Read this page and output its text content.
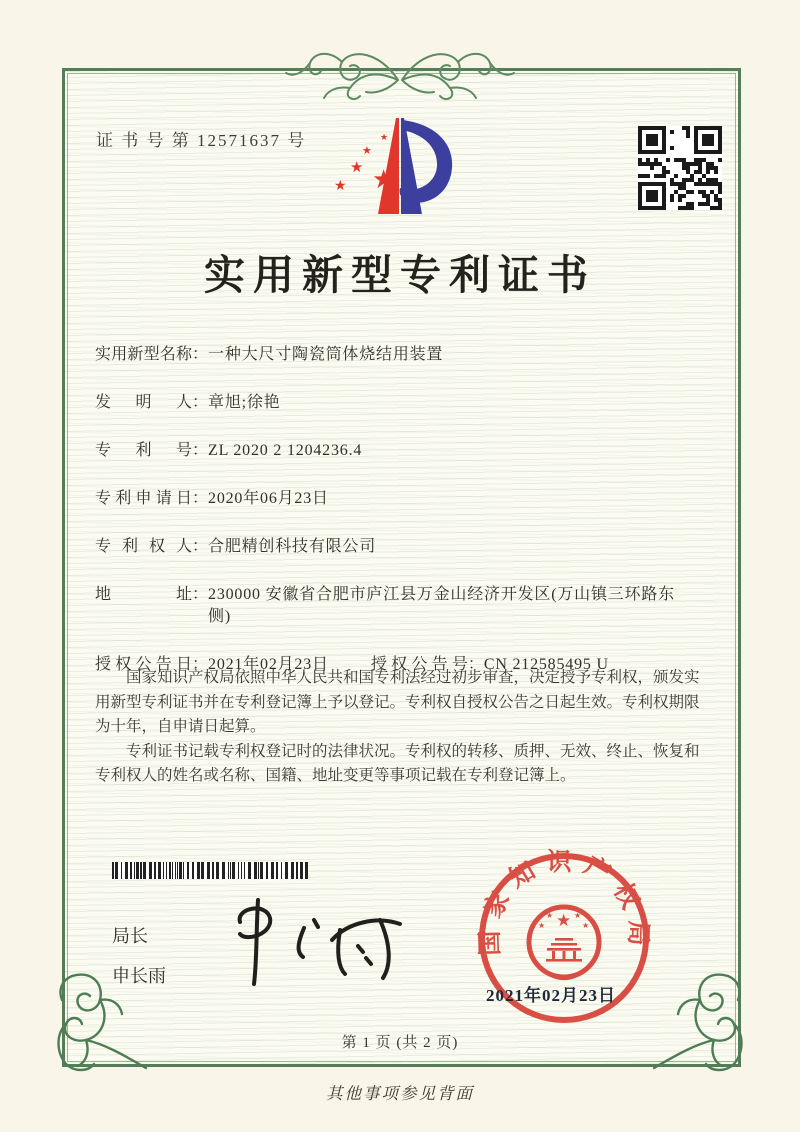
证 书 号 第 12571637 号
★
★
★
★
★
实用新型专利证书
实用新型名称 ： 一种大尺寸陶瓷筒体烧结用装置
发明人 ： 章旭;徐艳
专利号 ： ZL 2020 2 1204236.4
专利申请日 ： 2020年06月23日
专利权人 ： 合肥精创科技有限公司
地址 ： 230000 安徽省合肥市庐江县万金山经济开发区(万山镇三环路东侧)
授权公告日 ： 2021年02月23日	授权公告号 ： CN 212585495 U

国家知识产权局依照中华人民共和国专利法经过初步审查，决定授予专利权，颁发实用新型专利证书并在专利登记簿上予以登记。专利权自授权公告之日起生效。专利权期限为十年，自申请日起算。

专利证书记载专利权登记时的法律状况。专利权的转移、质押、无效、终止、恢复和专利权人的姓名或名称、国籍、地址变更等事项记载在专利登记簿上。

局长
申长雨
国家知识产权局
★
★
★	★
★
2021年02月23日
第 1 页 (共 2 页)
其他事项参见背面
